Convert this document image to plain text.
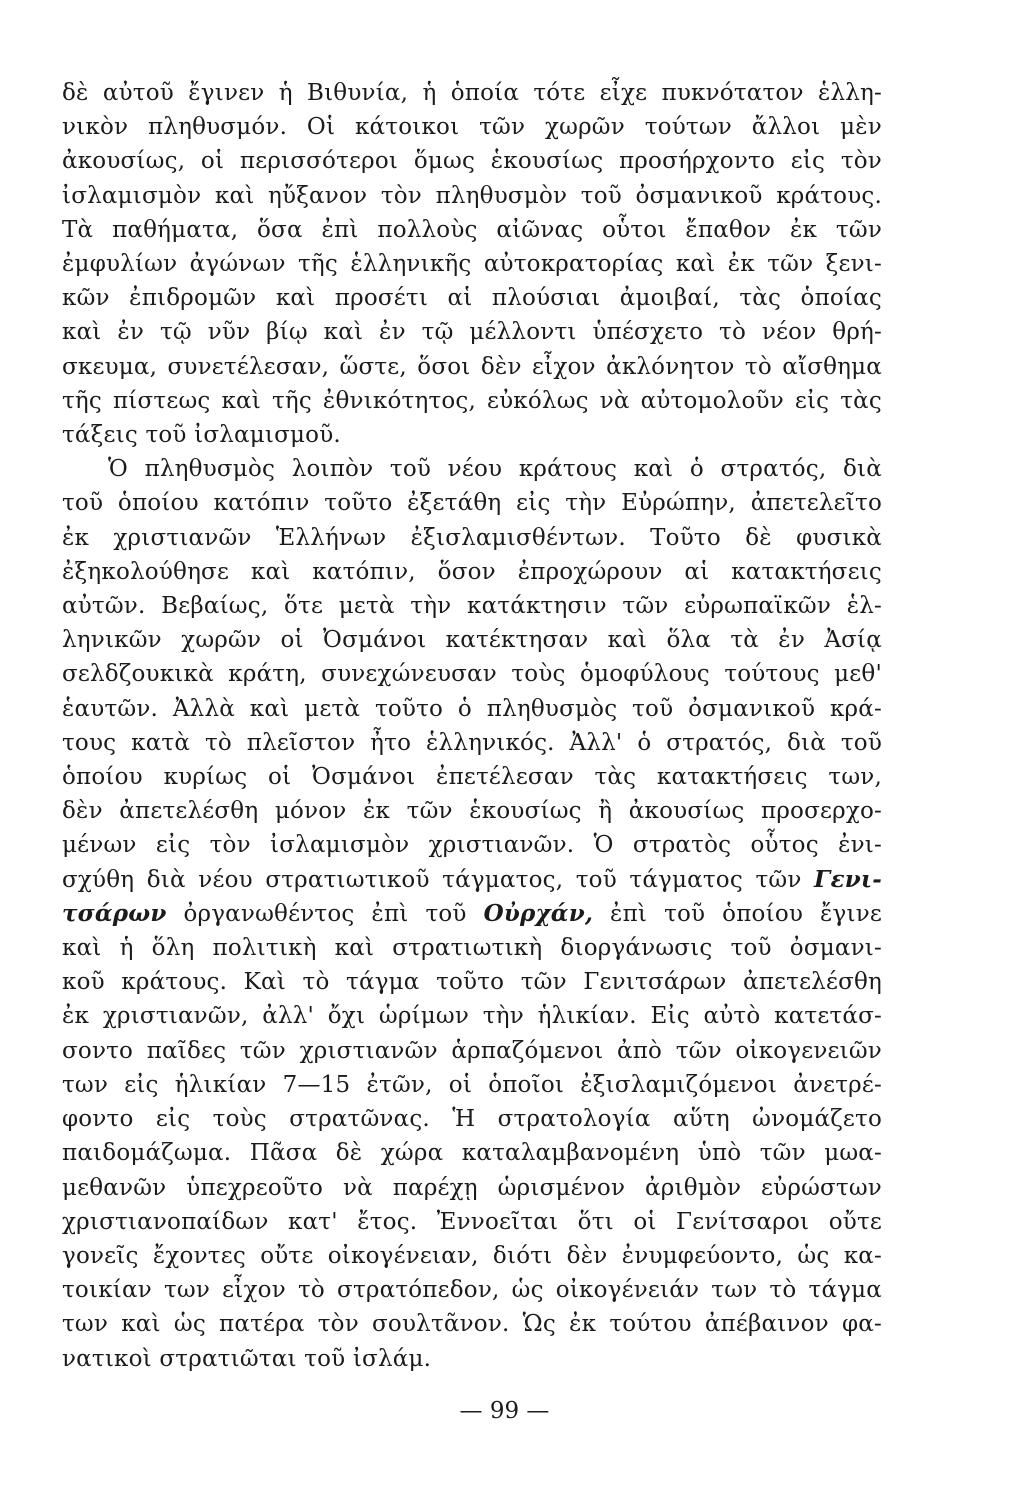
δὲ αὐτοῦ ἔγινεν ἡ Βιθυνία, ἡ ὁποία τότε εἶχε πυκνότατον ἑλλη-
νικὸν πληθυσμόν. Οἱ κάτοικοι τῶν χωρῶν τούτων ἄλλοι μὲν
ἀκουσίως, οἱ περισσότεροι ὅμως ἑκουσίως προσήρχοντο εἰς τὸν
ἰσλαμισμὸν καὶ ηὔξανον τὸν πληθυσμὸν τοῦ ὀσμανικοῦ κράτους.
Τὰ παθήματα, ὅσα ἐπὶ πολλοὺς αἰῶνας οὗτοι ἔπαθον ἐκ τῶν
ἐμφυλίων ἀγώνων τῆς ἑλληνικῆς αὐτοκρατορίας καὶ ἐκ τῶν ξενι-
κῶν ἐπιδρομῶν καὶ προσέτι αἱ πλούσιαι ἀμοιβαί, τὰς ὁποίας
καὶ ἐν τῷ νῦν βίῳ καὶ ἐν τῷ μέλλοντι ὑπέσχετο τὸ νέον θρή-
σκευμα, συνετέλεσαν, ὥστε, ὅσοι δὲν εἶχον ἀκλόνητον τὸ αἴσθημα
τῆς πίστεως καὶ τῆς ἐθνικότητος, εὐκόλως νὰ αὐτομολοῦν εἰς τὰς
τάξεις τοῦ ἰσλαμισμοῦ.
Ὁ πληθυσμὸς λοιπὸν τοῦ νέου κράτους καὶ ὁ στρατός, διὰ
τοῦ ὁποίου κατόπιν τοῦτο ἐξετάθη εἰς τὴν Εὐρώπην, ἀπετελεῖτο
ἐκ χριστιανῶν Ἑλλήνων ἐξισλαμισθέντων. Τοῦτο δὲ φυσικὰ
ἐξηκολούθησε καὶ κατόπιν, ὅσον ἐπροχώρουν αἱ κατακτήσεις
αὐτῶν. Βεβαίως, ὅτε μετὰ τὴν κατάκτησιν τῶν εὐρωπαϊκῶν ἑλ-
ληνικῶν χωρῶν οἱ Ὀσμάνοι κατέκτησαν καὶ ὅλα τὰ ἐν Ἀσίᾳ
σελδζουκικὰ κράτη, συνεχώνευσαν τοὺς ὁμοφύλους τούτους μεθ'
ἑαυτῶν. Ἀλλὰ καὶ μετὰ τοῦτο ὁ πληθυσμὸς τοῦ ὀσμανικοῦ κρά-
τους κατὰ τὸ πλεῖστον ἦτο ἑλληνικός. Ἀλλ' ὁ στρατός, διὰ τοῦ
ὁποίου κυρίως οἱ Ὀσμάνοι ἐπετέλεσαν τὰς κατακτήσεις των,
δὲν ἀπετελέσθη μόνον ἐκ τῶν ἑκουσίως ἢ ἀκουσίως προσερχο-
μένων εἰς τὸν ἰσλαμισμὸν χριστιανῶν. Ὁ στρατὸς οὗτος ἐνι-
σχύθη διὰ νέου στρατιωτικοῦ τάγματος, τοῦ τάγματος τῶν Γενι-
τσάρων ὀργανωθέντος ἐπὶ τοῦ Οὐρχάν, ἐπὶ τοῦ ὁποίου ἔγινε
καὶ ἡ ὅλη πολιτικὴ καὶ στρατιωτικὴ διοργάνωσις τοῦ ὀσμανι-
κοῦ κράτους. Καὶ τὸ τάγμα τοῦτο τῶν Γενιτσάρων ἀπετελέσθη
ἐκ χριστιανῶν, ἀλλ' ὄχι ὡρίμων τὴν ἡλικίαν. Εἰς αὐτὸ κατετάσ-
σοντο παῖδες τῶν χριστιανῶν ἁρπαζόμενοι ἀπὸ τῶν οἰκογενειῶν
των εἰς ἡλικίαν 7—15 ἐτῶν, οἱ ὁποῖοι ἐξισλαμιζόμενοι ἀνετρέ-
φοντο εἰς τοὺς στρατῶνας. Ἡ στρατολογία αὕτη ὠνομάζετο
παιδομάζωμα. Πᾶσα δὲ χώρα καταλαμβανομένη ὑπὸ τῶν μωα-
μεθανῶν ὑπεχρεοῦτο νὰ παρέχῃ ὡρισμένον ἀριθμὸν εὐρώστων
χριστιανοπαίδων κατ' ἔτος. Ἐννοεῖται ὅτι οἱ Γενίτσαροι οὔτε
γονεῖς ἔχοντες οὔτε οἰκογένειαν, διότι δὲν ἐνυμφεύοντο, ὡς κα-
τοικίαν των εἶχον τὸ στρατόπεδον, ὡς οἰκογένειάν των τὸ τάγμα
των καὶ ὡς πατέρα τὸν σουλτᾶνον. Ὡς ἐκ τούτου ἀπέβαινον φα-
νατικοὶ στρατιῶται τοῦ ἰσλάμ.
— 99 —
